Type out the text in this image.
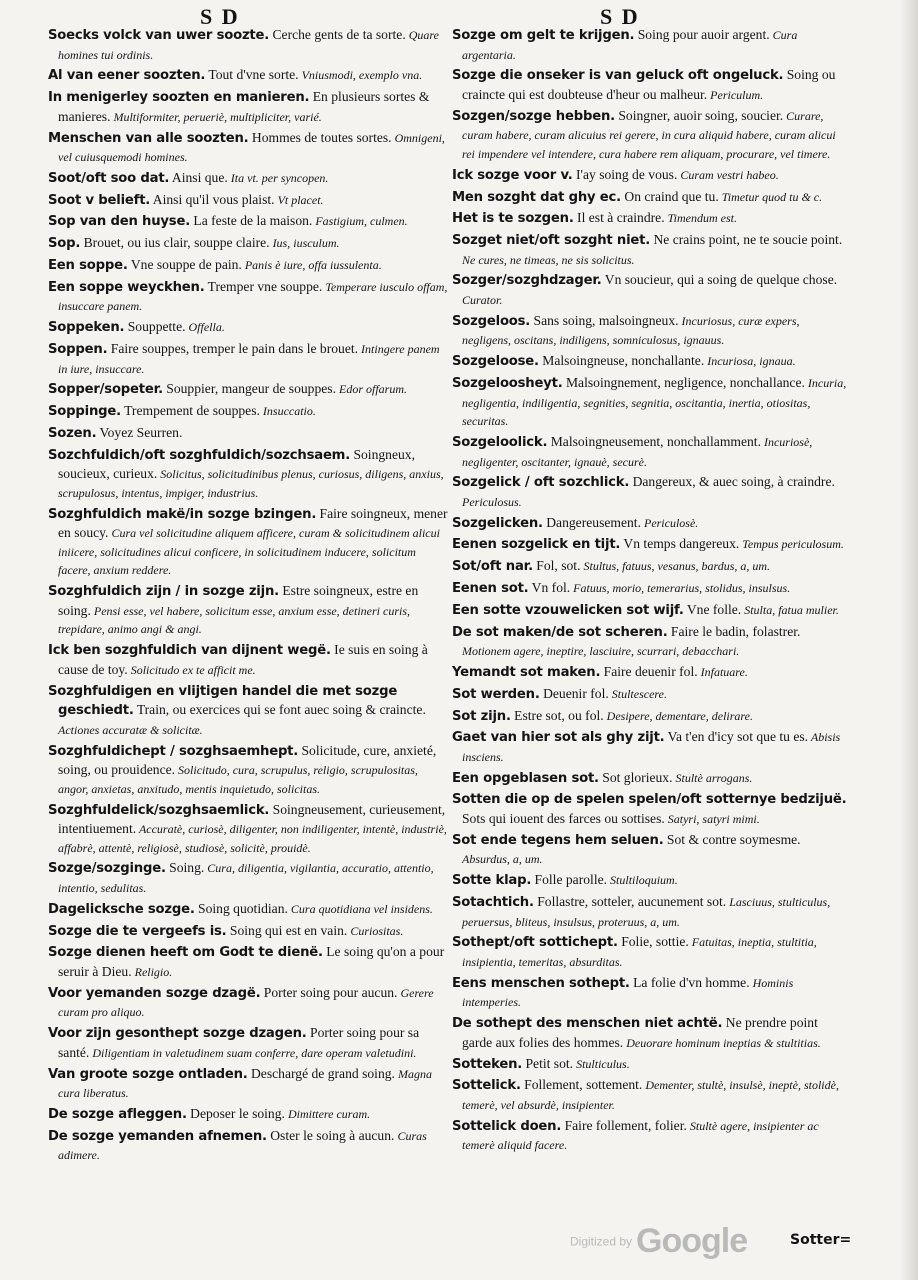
S D	S D
Soecks volck van uwer soozte. Cerche gents de ta sorte. Quare homines tui ordinis.
Al van eener soozten. Tout d'vne sorte. Vniusmodi, exemplo vna.
In menigerley soozten en manieren. En plusieurs sortes & manieres. Multiformiter, perueriè, multipliciter, varié.
Menschen van alle soozten. Hommes de toutes sortes. Omnigeni, vel cuiusquemodi homines.
Soot/oft soo dat. Ainsi que. Ita vt. per syncopen.
Soot v belieft. Ainsi qu'il vous plaist. Vt placet.
Sop van den huyse. La feste de la maison. Fastigium, culmen.
Sop. Brouet, ou ius clair, souppe claire. Ius, iusculum.
Een soppe. Vne souppe de pain. Panis è iure, offa iussulenta.
Een soppe weyckhen. Tremper vne souppe. Temperare iusculo offam, insuccare panem.
Soppeken. Souppette. Offella.
Soppen. Faire souppes, tremper le pain dans le brouet. Intingere panem in iure, insuccare.
Sopper/sopeter. Souppier, mangeur de souppes. Edor offarum.
Soppinge. Trempement de souppes. Insuccatio.
Sozen. Voyez Seurren.
Sozchfuldich/oft sozghfuldich/sozchsaem. Soingneux, soucieux, curieux. Solicitus, solicitudinibus plenus, curiosus, diligens, anxius, scrupulosus, intentus, impiger, industrius.
Sozghfuldich makë/in sozge bzingen. Faire soingneux, mener en soucy. Cura vel solicitudine aliquem afficere, curam & solicitudinem alicui iniicere, solicitudines alicui conficere, in solicitudinem inducere, solicitum facere, anxium reddere.
Sozghfuldich zijn / in sozge zijn. Estre soingneux, estre en soing. Pensi esse, vel habere, solicitum esse, anxium esse, detineri curis, trepidare, animo angi & angi.
Ick ben sozghfuldich van dijnent wegë. Ie suis en soing à cause de toy. Solicitudo ex te afficit me.
Sozghfuldigen en vlijtigen handel die met sozge geschiedt. Train, ou exercices qui se font auec soing & craincte. Actiones accuratæ & solicitæ.
Sozghfuldichept / sozghsaemhept. Solicitude, cure, anxieté, soing, ou prouidence. Solicitudo, cura, scrupulus, religio, scrupulositas, angor, anxietas, anxitudo, mentis inquietudo, solicitas.
Sozghfuldelick/sozghsaemlick. Soingneusement, curieusement, intentiuement. Accuratè, curiosè, diligenter, non indiligenter, intentè, industriè, affabrè, attentè, religiosè, studiosè, solicitè, prouidè.
Sozge/sozginge. Soing. Cura, diligentia, vigilantia, accuratio, attentio, intentio, sedulitas.
Dagelicksche sozge. Soing quotidian. Cura quotidiana vel insidens.
Sozge die te vergeefs is. Soing qui est en vain. Curiositas.
Sozge dienen heeft om Godt te dienë. Le soing qu'on a pour seruir à Dieu. Religio.
Voor yemanden sozge dzagë. Porter soing pour aucun. Gerere curam pro aliquo.
Voor zijn gesonthept sozge dzagen. Porter soing pour sa santé. Diligentiam in valetudinem suam conferre, dare operam valetudini.
Van groote sozge ontladen. Deschargé de grand soing. Magna cura liberatus.
De sozge afleggen. Deposer le soing. Dimittere curam.
De sozge yemanden afnemen. Oster le soing à aucun. Curas adimere.
Sozge om gelt te krijgen. Soing pour auoir argent. Cura argentaria.
Sozge die onseker is van geluck oft ongeluck. Soing ou craincte qui est doubteuse d'heur ou malheur. Periculum.
Sozgen/sozge hebben. Soingner, auoir soing, soucier. Curare, curam habere, curam alicuius rei gerere, in cura aliquid habere, curam alicui rei impendere vel intendere, cura habere rem aliquam, procurare, vel timere.
Ick sozge voor v. I'ay soing de vous. Curam vestri habeo.
Men sozght dat ghy ec. On craind que tu. Timetur quod tu & c.
Het is te sozgen. Il est à craindre. Timendum est.
Sozget niet/oft sozght niet. Ne crains point, ne te soucie point. Ne cures, ne timeas, ne sis solicitus.
Sozger/sozghdzager. Vn soucieur, qui a soing de quelque chose. Curator.
Sozgeloos. Sans soing, malsoingneux. Incuriosus, curæ expers, negligens, oscitans, indiligens, somniculosus, ignauus.
Sozgeloose. Malsoingneuse, nonchallante. Incuriosa, ignaua.
Sozgeloosheyt. Malsoingnement, negligence, nonchallance. Incuria, negligentia, indiligentia, segnities, segnitia, oscitantia, inertia, otiositas, securitas.
Sozgeloolick. Malsoingneusement, nonchallamment. Incuriosè, negligenter, oscitanter, ignauè, securè.
Sozgelick / oft sozchlick. Dangereux, & auec soing, à craindre. Periculosus.
Sozgelicken. Dangereusement. Periculosè.
Eenen sozgelick en tijt. Vn temps dangereux. Tempus periculosum.
Sot/oft nar. Fol, sot. Stultus, fatuus, vesanus, bardus, a, um.
Eenen sot. Vn fol. Fatuus, morio, temerarius, stolidus, insulsus.
Een sotte vzouwelicken sot wijf. Vne folle. Stulta, fatua mulier.
De sot maken/de sot scheren. Faire le badin, folastrer. Motionem agere, ineptire, lasciuire, scurrari, debacchari.
Yemandt sot maken. Faire deuenir fol. Infatuare.
Sot werden. Deuenir fol. Stultescere.
Sot zijn. Estre sot, ou fol. Desipere, dementare, delirare.
Gaet van hier sot als ghy zijt. Va t'en d'icy sot que tu es. Abisis insciens.
Een opgeblasen sot. Sot glorieux. Stultè arrogans.
Sotten die op de spelen spelen/oft sotternye bedzijuë. Sots qui iouent des farces ou sottises. Satyri, satyri mimi.
Sot ende tegens hem seluen. Sot & contre soymesme. Absurdus, a, um.
Sotte klap. Folle parolle. Stultiloquium.
Sotachtich. Follastre, sotteler, aucunement sot. Lasciuus, stulticulus, peruersus, bliteus, insulsus, proteruus, a, um.
Sothept/oft sottichept. Folie, sottie. Fatuitas, ineptia, stultitia, insipientia, temeritas, absurditas.
Eens menschen sothept. La folie d'vn homme. Hominis intemperies.
De sothept des menschen niet achtë. Ne prendre point garde aux folies des hommes. Deuorare hominum ineptias & stultitias.
Sotteken. Petit sot. Stulticulus.
Sottelick. Follement, sottement. Dementer, stultè, insulsè, ineptè, stolidè, temerè, vel absurdè, insipienter.
Sottelick doen. Faire follement, folier. Stultè agere, insipienter ac temerè aliquid facere.
Digitized by Google	Sotter=
